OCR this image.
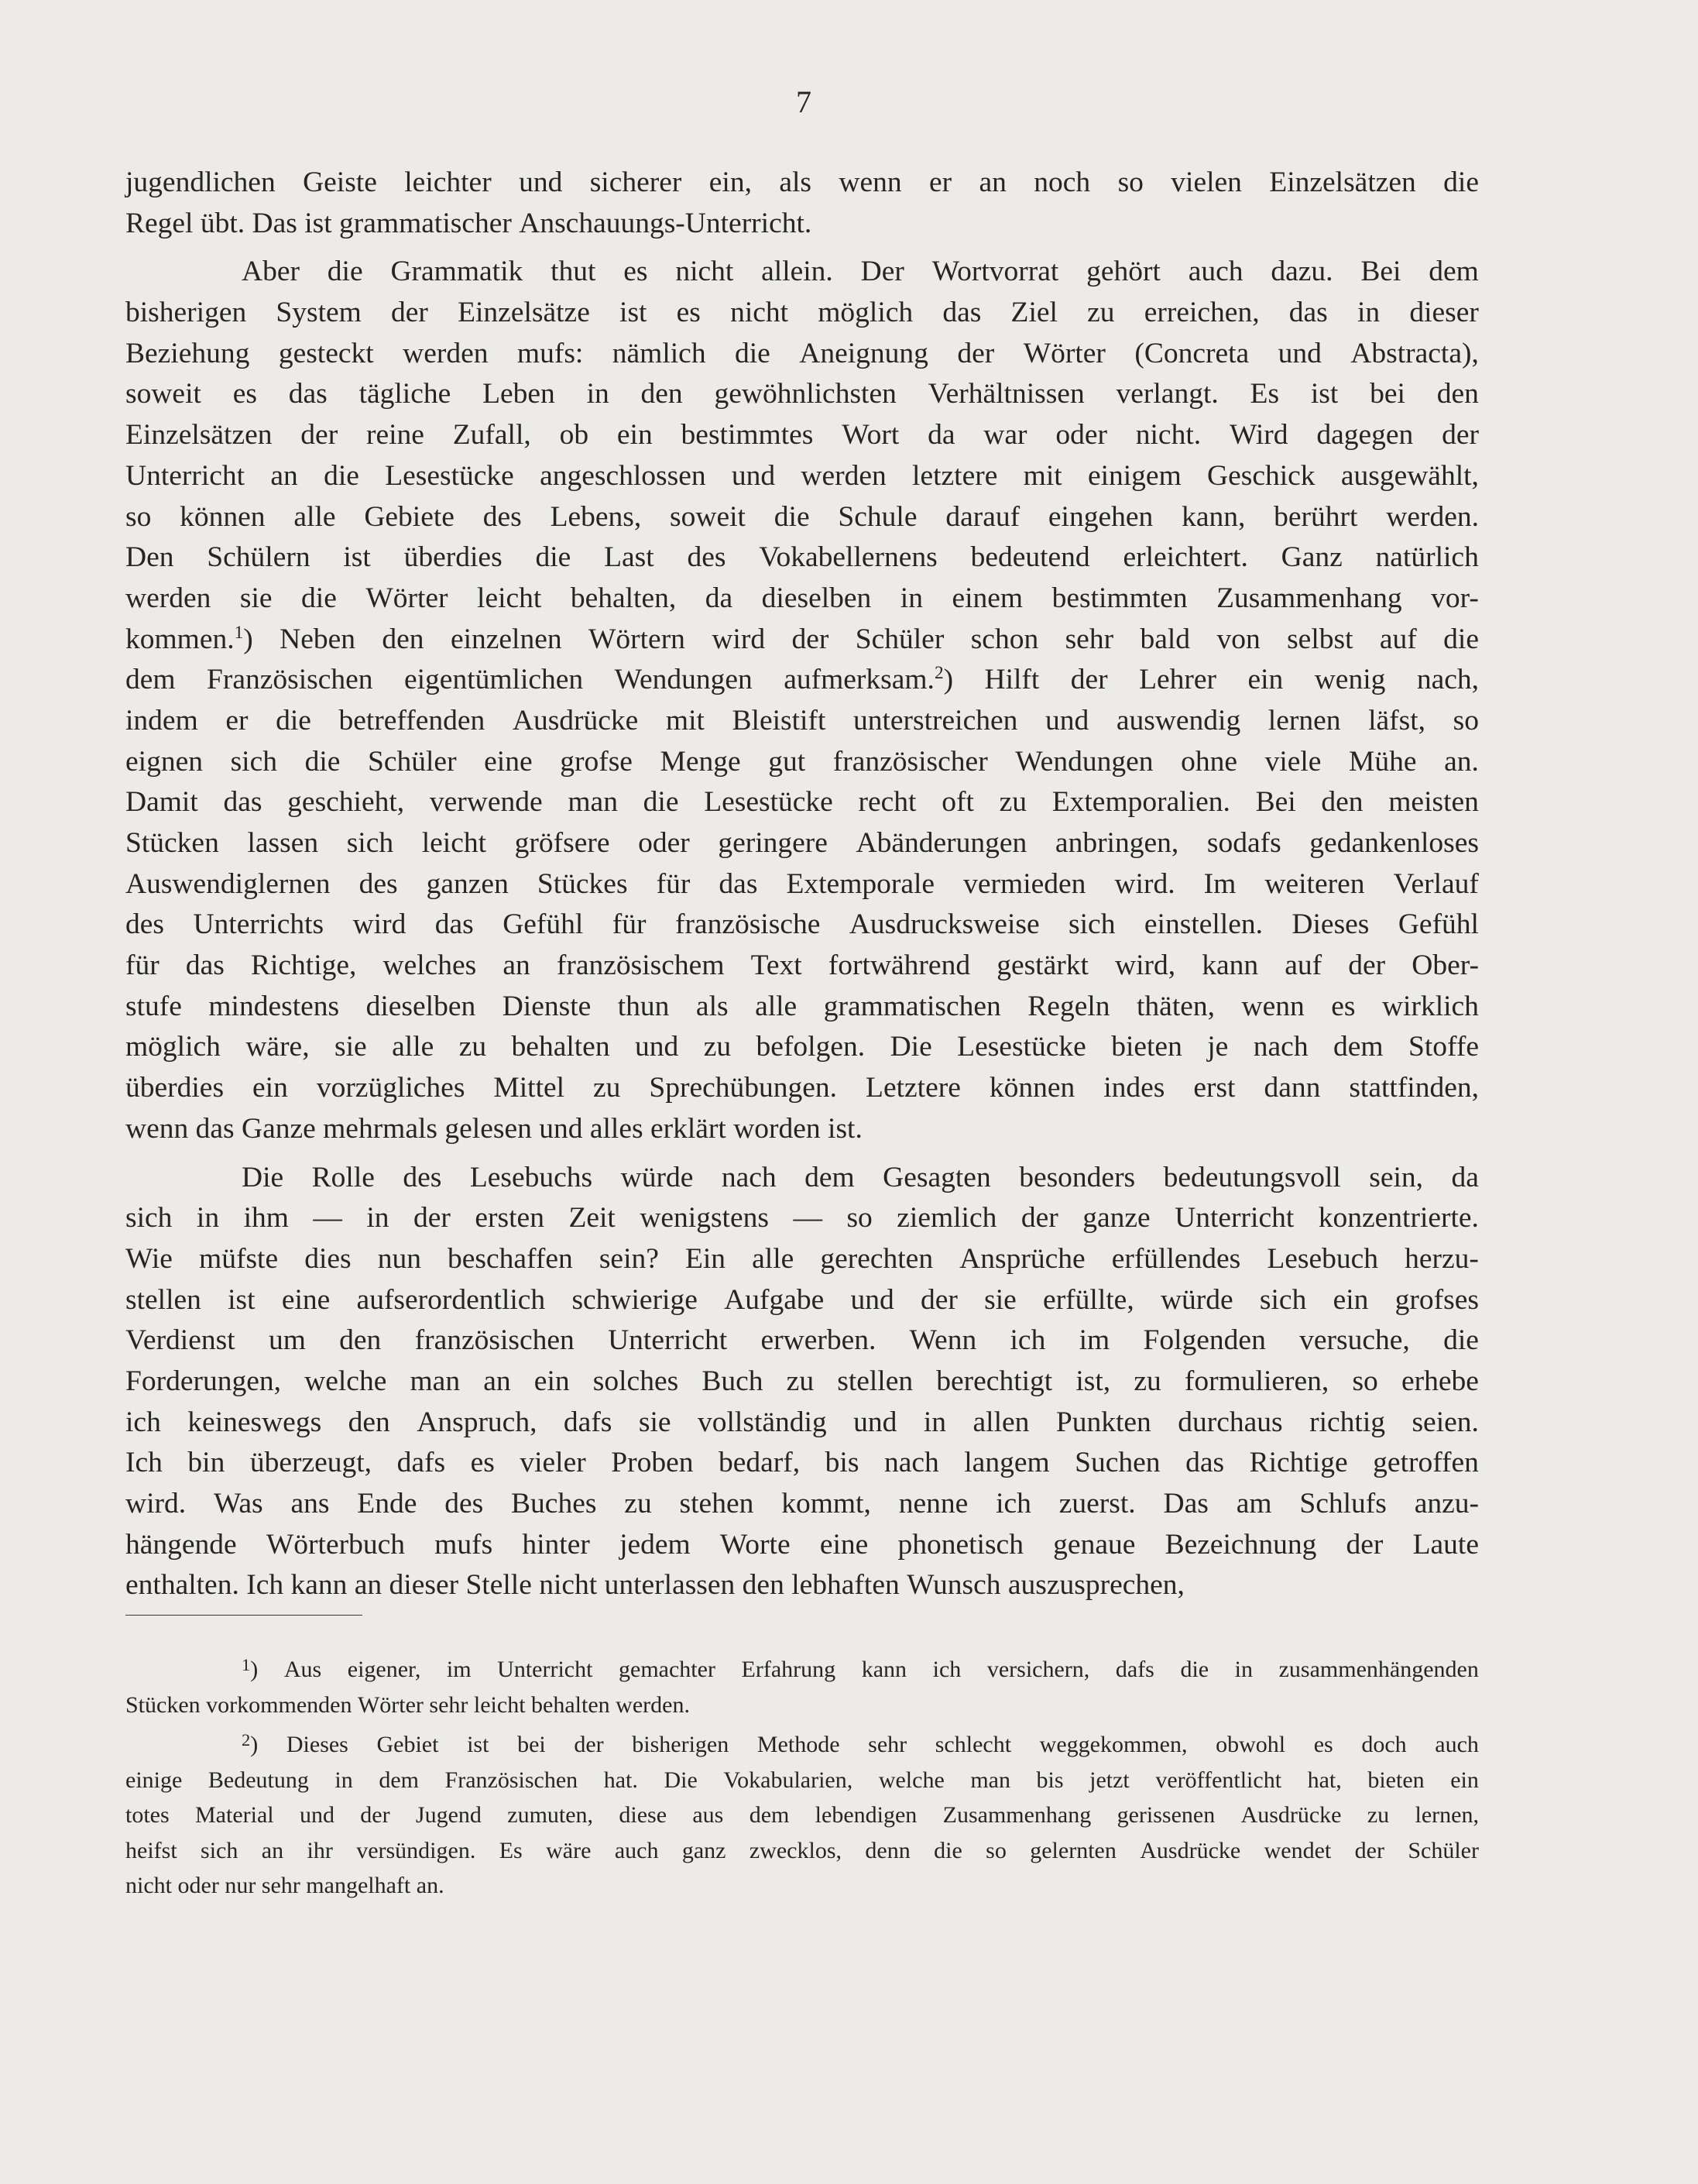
7
jugendlichen Geiste leichter und sicherer ein, als wenn er an noch so vielen Einzelsätzen die
Regel
übt.
Das
ist
grammatischer
Anschauungs-Unterricht.

Aber die Grammatik thut es nicht allein. Der Wortvorrat gehört auch dazu. Bei dem
bisherigen System der Einzelsätze ist es nicht möglich das Ziel zu erreichen, das in dieser
Beziehung gesteckt werden mufs: nämlich die Aneignung der Wörter (Concreta und Abstracta),
soweit es das tägliche Leben in den gewöhnlichsten Verhältnissen verlangt. Es ist bei den
Einzelsätzen der reine Zufall, ob ein bestimmtes Wort da war oder nicht. Wird dagegen der
Unterricht an die Lesestücke angeschlossen und werden letztere mit einigem Geschick ausgewählt,
so können alle Gebiete des Lebens, soweit die Schule darauf eingehen kann, berührt werden.
Den Schülern ist überdies die Last des Vokabellernens bedeutend erleichtert. Ganz natürlich
werden sie die Wörter leicht behalten, da dieselben in einem bestimmten Zusammenhang vor-
kommen.$^1$) Neben den einzelnen Wörtern wird der Schüler schon sehr bald von selbst auf die
dem Französischen eigentümlichen Wendungen aufmerksam.$^2$) Hilft der Lehrer ein wenig nach,
indem er die betreffenden Ausdrücke mit Bleistift unterstreichen und auswendig lernen läfst, so
eignen sich die Schüler eine grofse Menge gut französischer Wendungen ohne viele Mühe an.
Damit das geschieht, verwende man die Lesestücke recht oft zu Extemporalien. Bei den meisten
Stücken lassen sich leicht gröfsere oder geringere Abänderungen anbringen, sodafs gedankenloses
Auswendiglernen des ganzen Stückes für das Extemporale vermieden wird. Im weiteren Verlauf
des Unterrichts wird das Gefühl für französische Ausdrucksweise sich einstellen. Dieses Gefühl
für das Richtige, welches an französischem Text fortwährend gestärkt wird, kann auf der Ober-
stufe mindestens dieselben Dienste thun als alle grammatischen Regeln thäten, wenn es wirklich
möglich wäre, sie alle zu behalten und zu befolgen. Die Lesestücke bieten je nach dem Stoffe
überdies ein vorzügliches Mittel zu Sprechübungen. Letztere können indes erst dann stattfinden,
wenn
das
Ganze
mehrmals
gelesen
und
alles
erklärt
worden
ist.

Die Rolle des Lesebuchs würde nach dem Gesagten besonders bedeutungsvoll sein, da
sich in ihm — in der ersten Zeit wenigstens — so ziemlich der ganze Unterricht konzentrierte.
Wie müfste dies nun beschaffen sein? Ein alle gerechten Ansprüche erfüllendes Lesebuch herzu-
stellen ist eine aufserordentlich schwierige Aufgabe und der sie erfüllte, würde sich ein grofses
Verdienst um den französischen Unterricht erwerben. Wenn ich im Folgenden versuche, die
Forderungen, welche man an ein solches Buch zu stellen berechtigt ist, zu formulieren, so erhebe
ich keineswegs den Anspruch, dafs sie vollständig und in allen Punkten durchaus richtig seien.
Ich bin überzeugt, dafs es vieler Proben bedarf, bis nach langem Suchen das Richtige getroffen
wird. Was ans Ende des Buches zu stehen kommt, nenne ich zuerst. Das am Schlufs anzu-
hängende Wörterbuch mufs hinter jedem Worte eine phonetisch genaue Bezeichnung der Laute
enthalten.
Ich
kann
an
dieser
Stelle
nicht
unterlassen
den
lebhaften
Wunsch
auszusprechen,

$^1$) Aus eigener, im Unterricht gemachter Erfahrung kann ich versichern, dafs die in zusammenhängenden
Stücken
vorkommenden
Wörter
sehr
leicht
behalten
werden.

$^2$) Dieses Gebiet ist bei der bisherigen Methode sehr schlecht weggekommen, obwohl es doch auch
einige Bedeutung in dem Französischen hat. Die Vokabularien, welche man bis jetzt veröffentlicht hat, bieten ein
totes Material und der Jugend zumuten, diese aus dem lebendigen Zusammenhang gerissenen Ausdrücke zu lernen,
heifst sich an ihr versündigen. Es wäre auch ganz zwecklos, denn die so gelernten Ausdrücke wendet der Schüler
nicht
oder
nur
sehr
mangelhaft
an.
